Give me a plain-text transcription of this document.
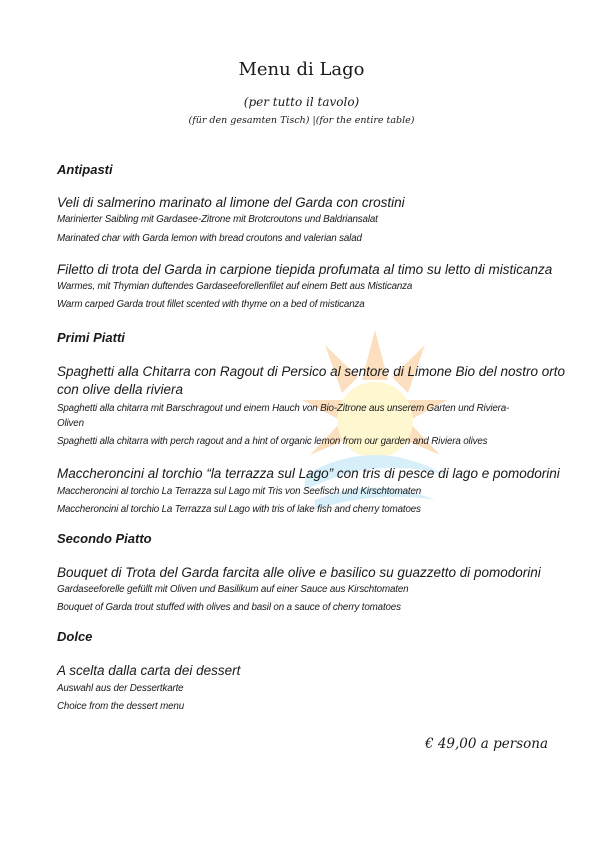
Menu di Lago
(per tutto il tavolo)
(für den gesamten Tisch) |(for the entire table)
Antipasti
Veli di salmerino marinato al limone del Garda con crostini
Marinierter Saibling mit Gardasee-Zitrone mit Brotcroutons und Baldriansalat
Marinated char with Garda lemon with bread croutons and valerian salad
Filetto di trota del Garda in carpione tiepida profumata al timo su letto di misticanza
Warmes, mit Thymian duftendes Gardaseeforellenfilet auf einem Bett aus Misticanza
Warm carped Garda trout fillet scented with thyme on a bed of misticanza
Primi Piatti
Spaghetti alla Chitarra con Ragout di Persico al sentore di Limone Bio del nostro orto
con olive della riviera
Spaghetti alla chitarra mit Barschragout und einem Hauch von Bio-Zitrone aus unserem Garten und Riviera-
Oliven
Spaghetti alla chitarra with perch ragout and a hint of organic lemon from our garden and Riviera olives
Maccheroncini al torchio “la terrazza sul Lago” con tris di pesce di lago e pomodorini
Maccheroncini al torchio La Terrazza sul Lago mit Tris von Seefisch und Kirschtomaten
Maccheroncini al torchio La Terrazza sul Lago with tris of lake fish and cherry tomatoes
Secondo Piatto
Bouquet di Trota del Garda farcita alle olive e basilico su guazzetto di pomodorini
Gardaseeforelle gefüllt mit Oliven und Basilikum auf einer Sauce aus Kirschtomaten
Bouquet of Garda trout stuffed with olives and basil on a sauce of cherry tomatoes
Dolce
A scelta dalla carta dei dessert
Auswahl aus der Dessertkarte
Choice from the dessert menu
€ 49,00 a persona
